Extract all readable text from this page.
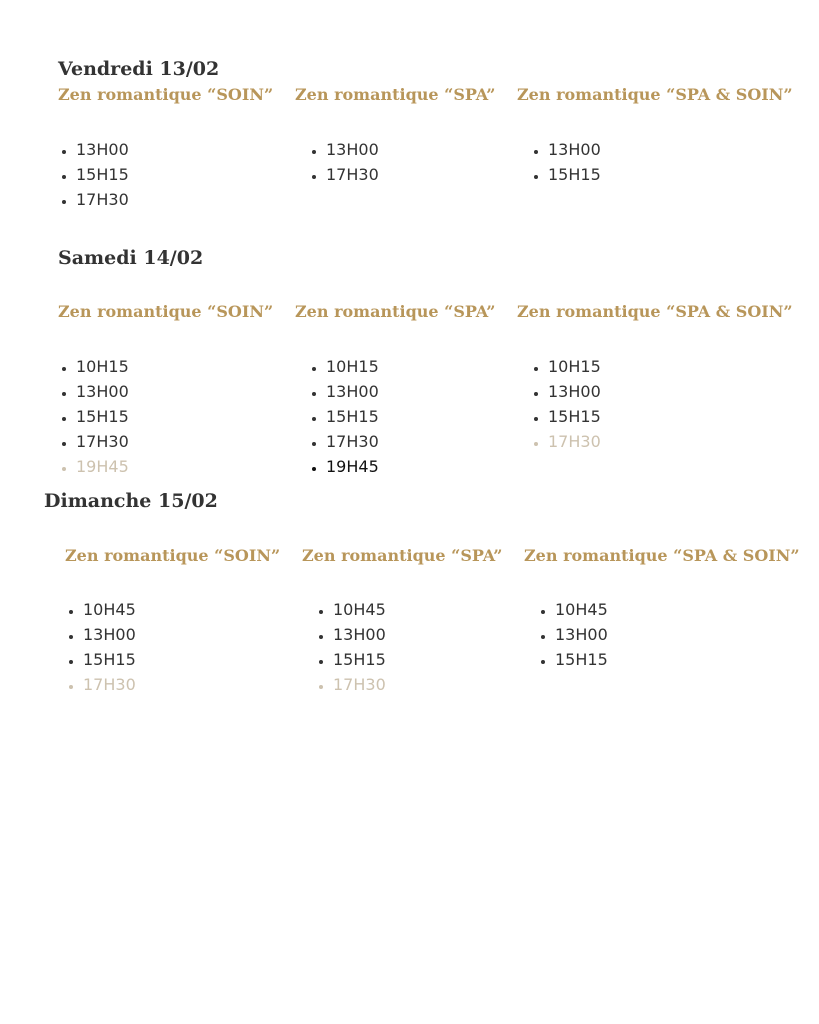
Vendredi 13/02
Zen romantique “SOIN”
• 13H00
• 15H15
• 17H30
Zen romantique “SPA”
• 13H00
• 17H30
Zen romantique “SPA & SOIN”
• 13H00
• 15H15
Samedi 14/02
Zen romantique “SOIN”
• 10H15
• 13H00
• 15H15
• 17H30
• 19H45
Zen romantique “SPA”
• 10H15
• 13H00
• 15H15
• 17H30
• 19H45
Zen romantique “SPA & SOIN”
• 10H15
• 13H00
• 15H15
• 17H30
Dimanche 15/02
Zen romantique “SOIN”
• 10H45
• 13H00
• 15H15
• 17H30
Zen romantique “SPA”
• 10H45
• 13H00
• 15H15
• 17H30
Zen romantique “SPA & SOIN”
• 10H45
• 13H00
• 15H15
